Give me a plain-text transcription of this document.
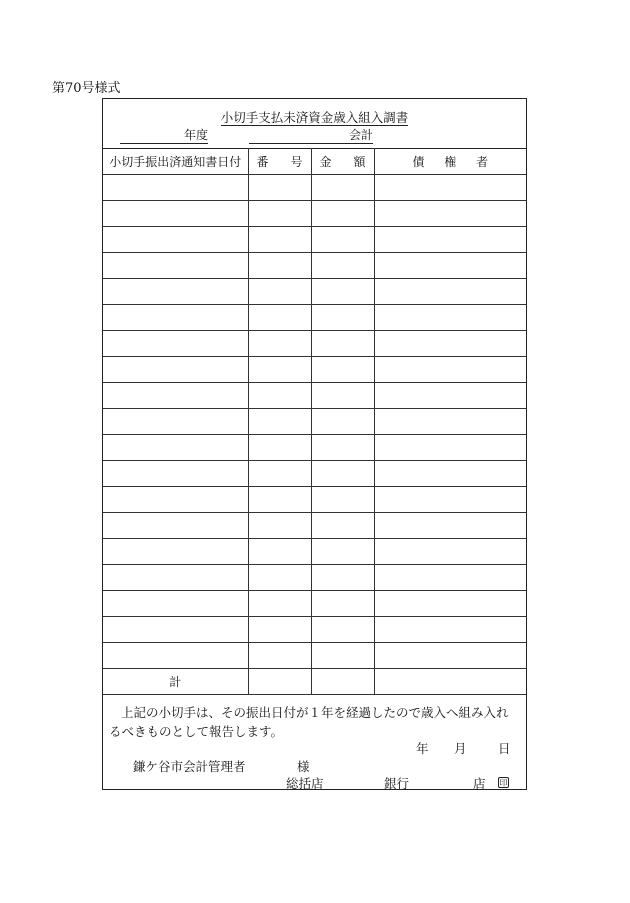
第70号様式
小切手支払未済資金歳入組入調書
年度	会計
小切手振出済通知書日付	番　号	金　額	債　権　者

計			
上記の小切手は、その振出日付が１年を経過したので歳入へ組み入れるべきものとして報告します。
年	月	日
鎌ケ谷市会計管理者	様
総括店	銀行	店 印
